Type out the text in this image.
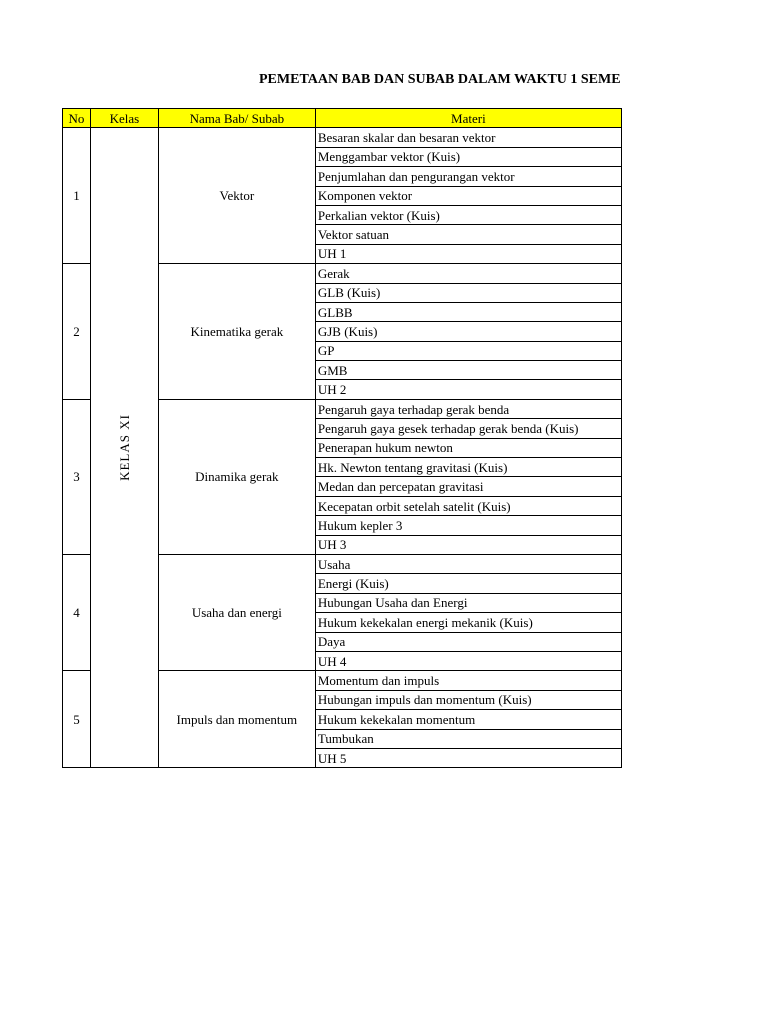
PEMETAAN BAB DAN SUBAB DALAM WAKTU 1 SEME
No	Kelas	Nama Bab/ Subab	Materi
1	KELAS XI	Vektor	Besaran skalar dan besaran vektor
			Menggambar vektor (Kuis)
			Penjumlahan dan pengurangan vektor
			Komponen vektor
			Perkalian vektor (Kuis)
			Vektor satuan
			UH 1
2		Kinematika gerak	Gerak
			GLB (Kuis)
			GLBB
			GJB (Kuis)
			GP
			GMB
			UH 2
3		Dinamika gerak	Pengaruh gaya terhadap gerak benda
			Pengaruh gaya gesek terhadap gerak benda (Kuis)
			Penerapan hukum newton
			Hk. Newton tentang gravitasi (Kuis)
			Medan dan percepatan gravitasi
			Kecepatan orbit setelah satelit (Kuis)
			Hukum kepler 3
			UH 3
4		Usaha dan energi	Usaha
			Energi (Kuis)
			Hubungan Usaha dan Energi
			Hukum kekekalan energi mekanik (Kuis)
			Daya
			UH 4
5		Impuls dan momentum	Momentum dan impuls
			Hubungan impuls dan momentum (Kuis)
			Hukum kekekalan momentum
			Tumbukan
			UH 5
